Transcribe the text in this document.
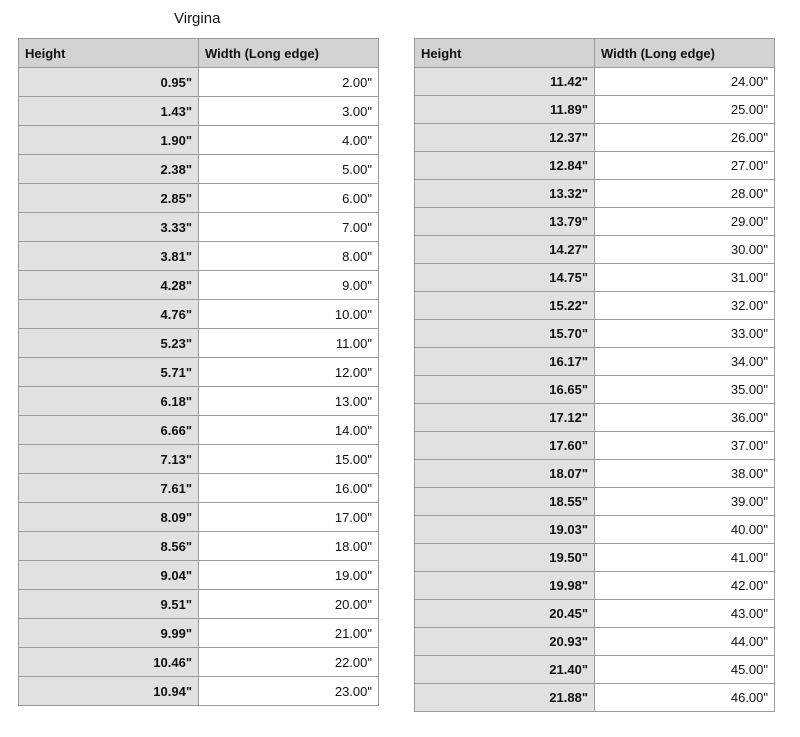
Virgina
Height	Width (Long edge)
0.95"	2.00"
1.43"	3.00"
1.90"	4.00"
2.38"	5.00"
2.85"	6.00"
3.33"	7.00"
3.81"	8.00"
4.28"	9.00"
4.76"	10.00"
5.23"	11.00"
5.71"	12.00"
6.18"	13.00"
6.66"	14.00"
7.13"	15.00"
7.61"	16.00"
8.09"	17.00"
8.56"	18.00"
9.04"	19.00"
9.51"	20.00"
9.99"	21.00"
10.46"	22.00"
10.94"	23.00"
Height	Width (Long edge)
11.42"	24.00"
11.89"	25.00"
12.37"	26.00"
12.84"	27.00"
13.32"	28.00"
13.79"	29.00"
14.27"	30.00"
14.75"	31.00"
15.22"	32.00"
15.70"	33.00"
16.17"	34.00"
16.65"	35.00"
17.12"	36.00"
17.60"	37.00"
18.07"	38.00"
18.55"	39.00"
19.03"	40.00"
19.50"	41.00"
19.98"	42.00"
20.45"	43.00"
20.93"	44.00"
21.40"	45.00"
21.88"	46.00"
